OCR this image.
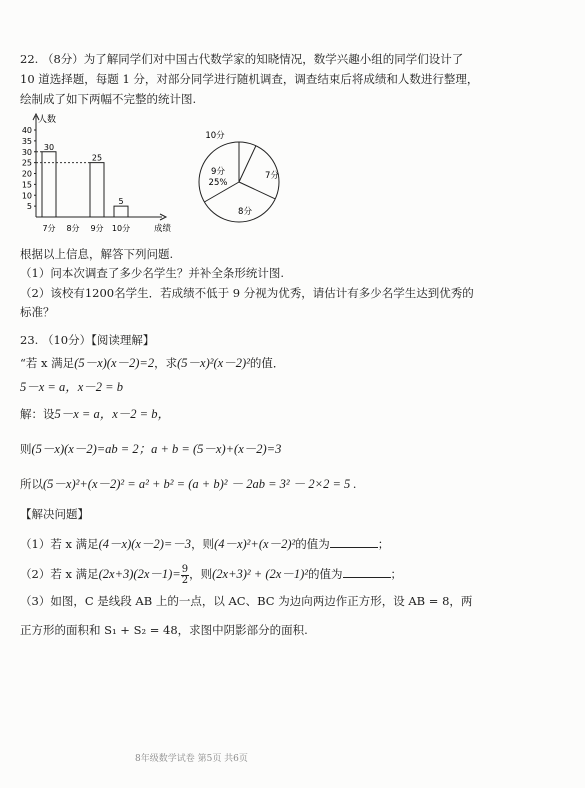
22. （8分）为了解同学们对中国古代数学家的知晓情况，数学兴趣小组的同学们设计了
10 道选择题，每题 1 分，对部分同学进行随机调查，调查结束后将成绩和人数进行整理，
绘制成了如下两幅不完整的统计图.
人数
成绩
5
10
15
20
25
30
35
40
7分
30
8分 9分
25
10分
5
10分
7分
8分
9分
25%
根据以上信息，解答下列问题.
（1）问本次调查了多少名学生？并补全条形统计图.
（2）该校有1200名学生．若成绩不低于 9 分视为优秀，请估计有多少名学生达到优秀的
标准？
23. （10分）【阅读理解】
“若 x 满足(5－x)(x－2)=2，求(5－x)²(x－2)²的值．
5－x = a，x－2 = b
解：设5－x = a，x－2 = b，
则(5－x)(x－2)=ab = 2；a + b = (5－x)+(x－2)=3
所以(5－x)²+(x－2)² = a² + b² = (a + b)² － 2ab = 3² － 2×2 = 5 .
【解决问题】
（1）若 x 满足(4－x)(x－2)=－3，则(4－x)²+(x－2)²的值为	；
（2）若 x 满足$(2x+3)(2x-1)= \frac{9}{2}$ ，则(2x+3)² + (2x－1)²的值为	；
（3）如图，C 是线段 AB 上的一点，以 AC、BC 为边向两边作正方形，设 AB = 8，两
正方形的面积和 S₁ + S₂ = 48，求图中阴影部分的面积.
8年级数学试卷 第5页 共6页
